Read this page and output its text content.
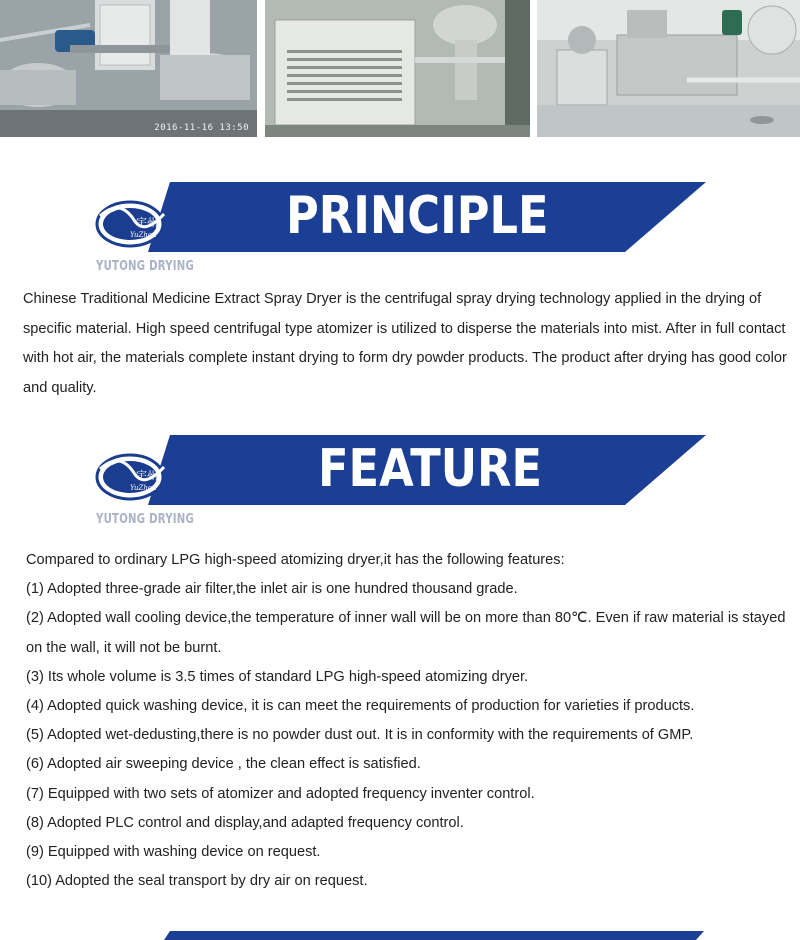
2016-11-16 13:50
宇州
YuZhou
®
YUTONG DRYING
PRINCIPLE
Chinese Traditional Medicine Extract Spray Dryer is the centrifugal spray drying technology applied in the drying of specific material. High speed centrifugal type atomizer is utilized to disperse the materials into mist. After in full contact with hot air, the materials complete instant drying to form dry powder products. The product after drying has good color and quality.
宇州
YuZhou
®
YUTONG DRYING
FEATURE
Compared to ordinary LPG high-speed atomizing dryer,it has the following features:
(1) Adopted three-grade air filter,the inlet air is one hundred thousand grade.
(2) Adopted wall cooling device,the temperature of inner wall will be on more than 80℃. Even if raw material is stayed on the wall, it will not be burnt.
(3) Its whole volume is 3.5 times of standard LPG high-speed atomizing dryer.
(4) Adopted quick washing device, it is can meet the requirements of production for varieties if products.
(5) Adopted wet-dedusting,there is no powder dust out. It is in conformity with the requirements of GMP.
(6) Adopted air sweeping device , the clean effect is satisfied.
(7) Equipped with two sets of atomizer and adopted frequency inventer control.
(8) Adopted PLC control and display,and adapted frequency control.
(9) Equipped with washing device on request.
(10) Adopted the seal transport by dry air on request.
